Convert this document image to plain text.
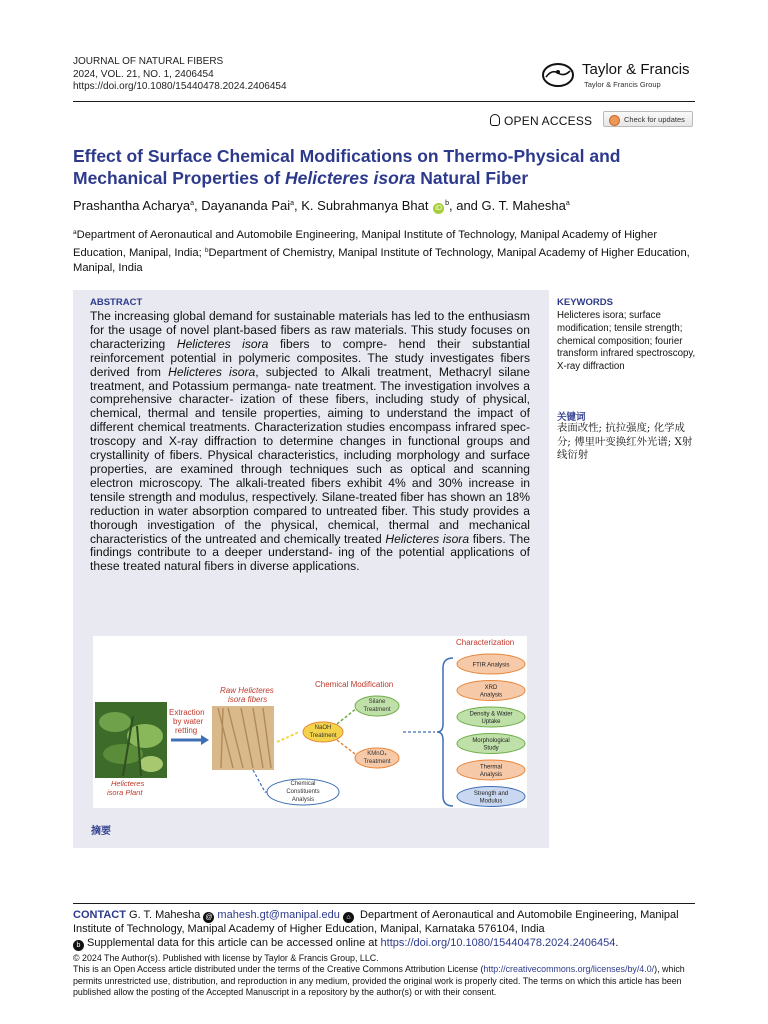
JOURNAL OF NATURAL FIBERS
2024, VOL. 21, NO. 1, 2406454
https://doi.org/10.1080/15440478.2024.2406454
Taylor & Francis
Taylor & Francis Group
OPEN ACCESS	Check for updates
Effect of Surface Chemical Modifications on Thermo-Physical and Mechanical Properties of Helicteres isora Natural Fiber
Prashantha Acharya$^a$, Dayananda Pai$^a$, K. Subrahmanya Bhat $iD^b$, and G. T. Mahesha$^a$
$^a$Department of Aeronautical and Automobile Engineering, Manipal Institute of Technology, Manipal Academy of Higher Education, Manipal, India; $^b$Department of Chemistry, Manipal Institute of Technology, Manipal Academy of Higher Education, Manipal, India
ABSTRACT
The increasing global demand for sustainable materials has led to the enthusiasm for the usage of novel plant-based fibers as raw materials. This study focuses on characterizing Helicteres isora fibers to compre- hend their substantial reinforcement potential in polymeric composites. The study investigates fibers derived from Helicteres isora, subjected to Alkali treatment, Methacryl silane treatment, and Potassium permanga- nate treatment. The investigation involves a comprehensive character- ization of these fibers, including study of physical, chemical, thermal and tensile properties, aiming to understand the impact of different chemical treatments. Characterization studies encompass infrared spec- troscopy and X-ray diffraction to determine changes in functional groups and crystallinity of fibers. Physical characteristics, including morphology and surface properties, are examined through techniques such as optical and scanning electron microscopy. The alkali-treated fibers exhibit 4% and 30% increase in tensile strength and modulus, respectively. Silane-treated fiber has shown an 18% reduction in water absorption compared to untreated fiber. This study provides a thorough investigation of the physical, chemical, thermal and mechanical characteristics of the untreated and chemically treated Helicteres isora fibers. The findings contribute to a deeper understand- ing of the potential applications of these treated natural fibers in diverse applications.
KEYWORDS
Helicteres isora; surface modification; tensile strength; chemical composition; fourier transform infrared spectroscopy, X-ray diffraction
关键词
表面改性; 抗拉强度; 化学成分; 傅里叶变换红外光谱; X射线衍射
Helicteres
isora Plant
Extraction
by water
retting
Raw Helicteres
isora fibers
Chemical Modification
NaOH
Treatment
Silane
Treatment
KMnO₄
Treatment
Chemical
Constituents
Analysis
Characterization
FTIR Analysis
XRD
Analysis
Density & Water
Uptake
Morphological
Study
Thermal
Analysis
Strength and
Modulus
摘要
CONTACT G. T. Mahesha @ mahesh.gt@manipal.edu ⌂ Department of Aeronautical and Automobile Engineering, Manipal Institute of Technology, Manipal Academy of Higher Education, Manipal, Karnataka 576104, India
b Supplemental data for this article can be accessed online at https://doi.org/10.1080/15440478.2024.2406454.
© 2024 The Author(s). Published with license by Taylor & Francis Group, LLC.
This is an Open Access article distributed under the terms of the Creative Commons Attribution License (http://creativecommons.org/licenses/by/4.0/), which permits unrestricted use, distribution, and reproduction in any medium, provided the original work is properly cited. The terms on which this article has been published allow the posting of the Accepted Manuscript in a repository by the author(s) or with their consent.
